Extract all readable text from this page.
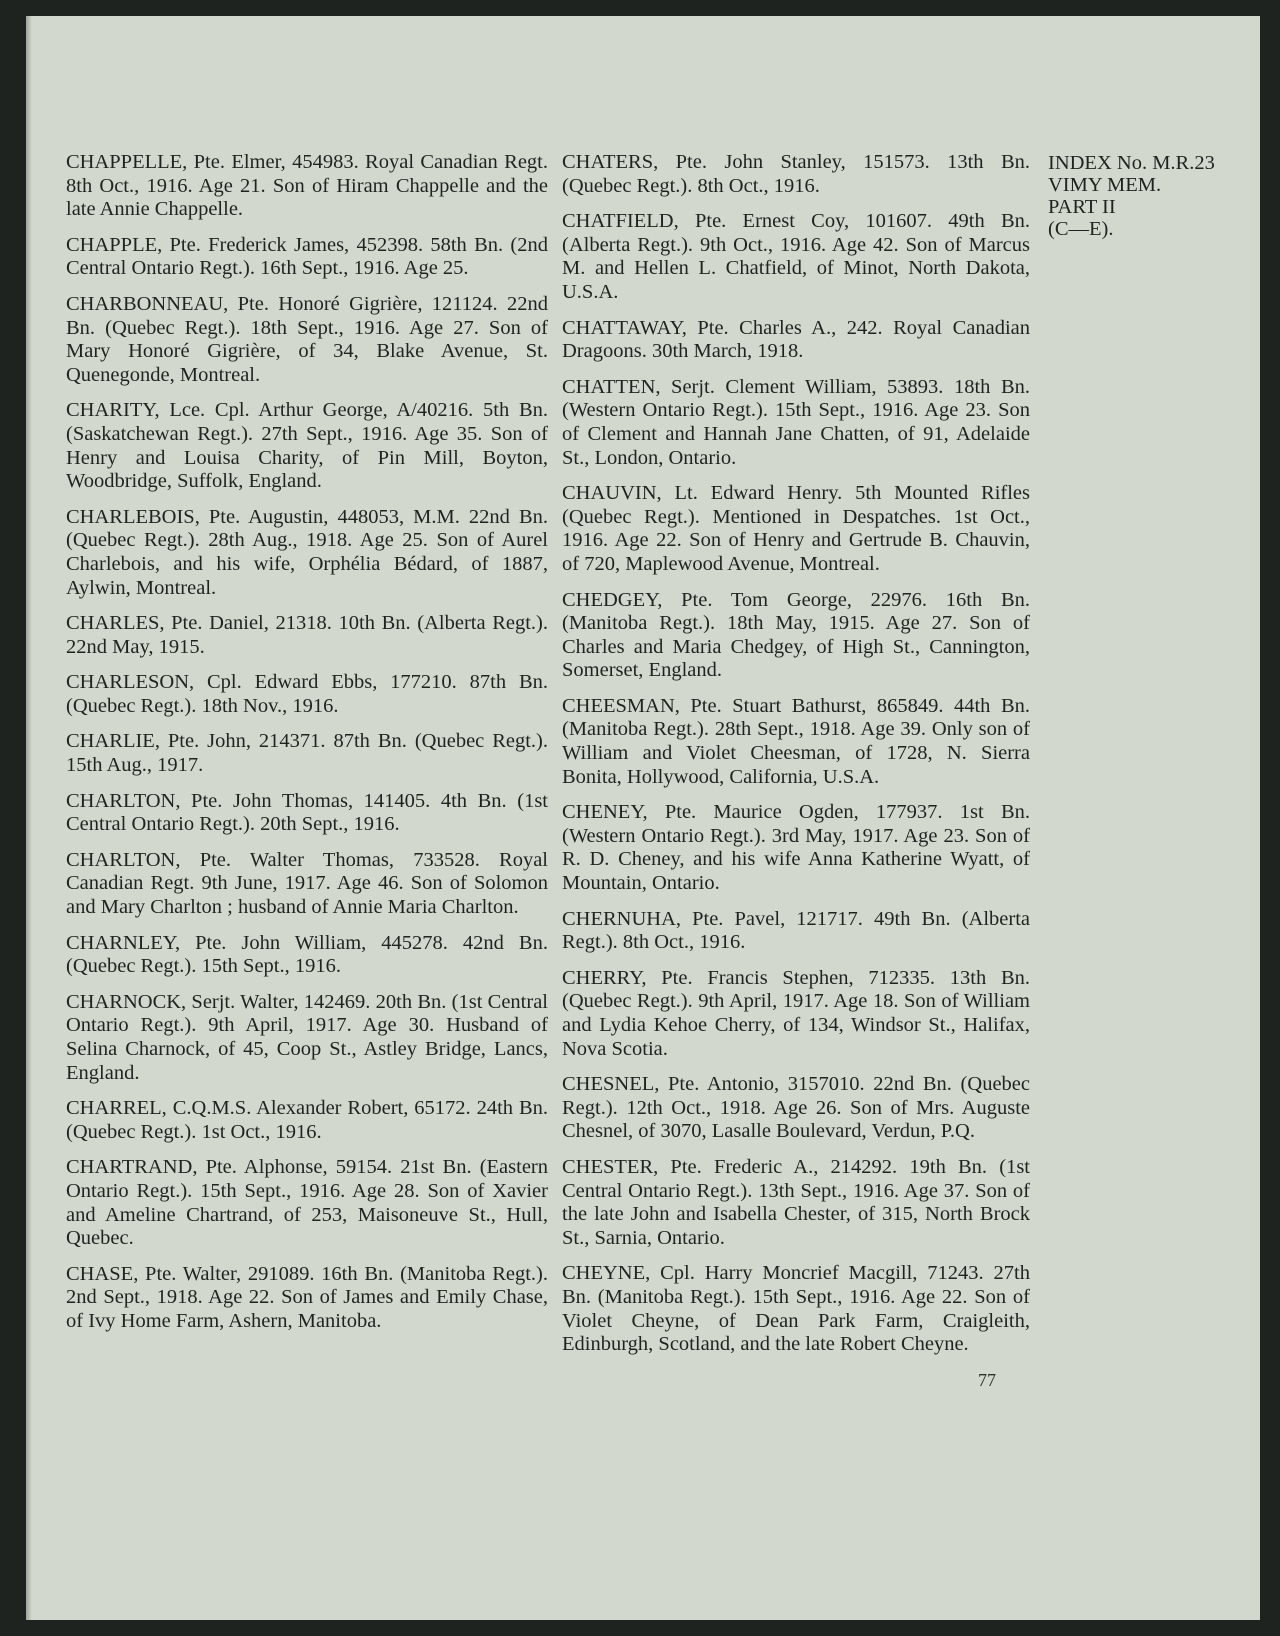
CHAPPELLE, Pte. Elmer, 454983. Royal Canadian Regt. 8th Oct., 1916. Age 21. Son of Hiram Chappelle and the late Annie Chappelle.

CHAPPLE, Pte. Frederick James, 452398. 58th Bn. (2nd Central Ontario Regt.). 16th Sept., 1916. Age 25.

CHARBONNEAU, Pte. Honoré Gigrière, 121124. 22nd Bn. (Quebec Regt.). 18th Sept., 1916. Age 27. Son of Mary Honoré Gigrière, of 34, Blake Avenue, St. Quenegonde, Montreal.

CHARITY, Lce. Cpl. Arthur George, A/40216. 5th Bn. (Saskatchewan Regt.). 27th Sept., 1916. Age 35. Son of Henry and Louisa Charity, of Pin Mill, Boyton, Woodbridge, Suffolk, England.

CHARLEBOIS, Pte. Augustin, 448053, M.M. 22nd Bn. (Quebec Regt.). 28th Aug., 1918. Age 25. Son of Aurel Charlebois, and his wife, Orphélia Bédard, of 1887, Aylwin, Montreal.

CHARLES, Pte. Daniel, 21318. 10th Bn. (Alberta Regt.). 22nd May, 1915.

CHARLESON, Cpl. Edward Ebbs, 177210. 87th Bn. (Quebec Regt.). 18th Nov., 1916.

CHARLIE, Pte. John, 214371. 87th Bn. (Quebec Regt.). 15th Aug., 1917.

CHARLTON, Pte. John Thomas, 141405. 4th Bn. (1st Central Ontario Regt.). 20th Sept., 1916.

CHARLTON, Pte. Walter Thomas, 733528. Royal Canadian Regt. 9th June, 1917. Age 46. Son of Solomon and Mary Charlton ; husband of Annie Maria Charlton.

CHARNLEY, Pte. John William, 445278. 42nd Bn. (Quebec Regt.). 15th Sept., 1916.

CHARNOCK, Serjt. Walter, 142469. 20th Bn. (1st Central Ontario Regt.). 9th April, 1917. Age 30. Husband of Selina Charnock, of 45, Coop St., Astley Bridge, Lancs, England.

CHARREL, C.Q.M.S. Alexander Robert, 65172. 24th Bn. (Quebec Regt.). 1st Oct., 1916.

CHARTRAND, Pte. Alphonse, 59154. 21st Bn. (Eastern Ontario Regt.). 15th Sept., 1916. Age 28. Son of Xavier and Ameline Chartrand, of 253, Maisoneuve St., Hull, Quebec.

CHASE, Pte. Walter, 291089. 16th Bn. (Manitoba Regt.). 2nd Sept., 1918. Age 22. Son of James and Emily Chase, of Ivy Home Farm, Ashern, Manitoba.

CHATERS, Pte. John Stanley, 151573. 13th Bn. (Quebec Regt.). 8th Oct., 1916.

CHATFIELD, Pte. Ernest Coy, 101607. 49th Bn. (Alberta Regt.). 9th Oct., 1916. Age 42. Son of Marcus M. and Hellen L. Chatfield, of Minot, North Dakota, U.S.A.

CHATTAWAY, Pte. Charles A., 242. Royal Canadian Dragoons. 30th March, 1918.

CHATTEN, Serjt. Clement William, 53893. 18th Bn. (Western Ontario Regt.). 15th Sept., 1916. Age 23. Son of Clement and Hannah Jane Chatten, of 91, Adelaide St., London, Ontario.

CHAUVIN, Lt. Edward Henry. 5th Mounted Rifles (Quebec Regt.). Mentioned in Despatches. 1st Oct., 1916. Age 22. Son of Henry and Gertrude B. Chauvin, of 720, Maplewood Avenue, Montreal.

CHEDGEY, Pte. Tom George, 22976. 16th Bn. (Manitoba Regt.). 18th May, 1915. Age 27. Son of Charles and Maria Chedgey, of High St., Cannington, Somerset, England.

CHEESMAN, Pte. Stuart Bathurst, 865849. 44th Bn. (Manitoba Regt.). 28th Sept., 1918. Age 39. Only son of William and Violet Cheesman, of 1728, N. Sierra Bonita, Hollywood, California, U.S.A.

CHENEY, Pte. Maurice Ogden, 177937. 1st Bn. (Western Ontario Regt.). 3rd May, 1917. Age 23. Son of R. D. Cheney, and his wife Anna Katherine Wyatt, of Mountain, Ontario.

CHERNUHA, Pte. Pavel, 121717. 49th Bn. (Alberta Regt.). 8th Oct., 1916.

CHERRY, Pte. Francis Stephen, 712335. 13th Bn. (Quebec Regt.). 9th April, 1917. Age 18. Son of William and Lydia Kehoe Cherry, of 134, Windsor St., Halifax, Nova Scotia.

CHESNEL, Pte. Antonio, 3157010. 22nd Bn. (Quebec Regt.). 12th Oct., 1918. Age 26. Son of Mrs. Auguste Chesnel, of 3070, Lasalle Boulevard, Verdun, P.Q.

CHESTER, Pte. Frederic A., 214292. 19th Bn. (1st Central Ontario Regt.). 13th Sept., 1916. Age 37. Son of the late John and Isabella Chester, of 315, North Brock St., Sarnia, Ontario.

CHEYNE, Cpl. Harry Moncrief Macgill, 71243. 27th Bn. (Manitoba Regt.). 15th Sept., 1916. Age 22. Son of Violet Cheyne, of Dean Park Farm, Craigleith, Edinburgh, Scotland, and the late Robert Cheyne.

77
INDEX No. M.R.23
VIMY MEM.
PART II
(C—E).
